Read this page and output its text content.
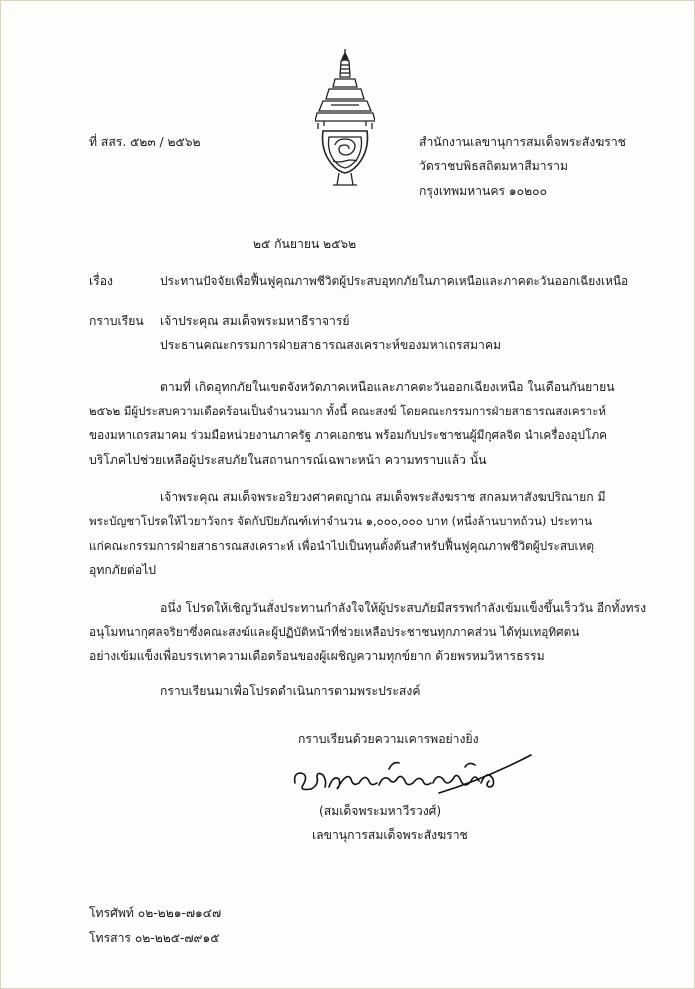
ที่ สสร. ๕๒๓ / ๒๕๖๒	สำนักงานเลขานุการสมเด็จพระสังฆราช
วัดราชบพิธสถิตมหาสีมาราม
กรุงเทพมหานคร ๑๐๒๐๐
๒๕ กันยายน ๒๕๖๒
เรื่อง	ประทานปัจจัยเพื่อฟื้นฟูคุณภาพชีวิตผู้ประสบอุทกภัยในภาคเหนือและภาคตะวันออกเฉียงเหนือ
กราบเรียน เจ้าประคุณ สมเด็จพระมหาธีราจารย์
ประธานคณะกรรมการฝ่ายสาธารณสงเคราะห์ของมหาเถรสมาคม
ตามที่ เกิดอุทกภัยในเขตจังหวัดภาคเหนือและภาคตะวันออกเฉียงเหนือ ในเดือนกันยายน
๒๕๖๒ มีผู้ประสบความเดือดร้อนเป็นจำนวนมาก ทั้งนี้ คณะสงฆ์ โดยคณะกรรมการฝ่ายสาธารณสงเคราะห์
ของมหาเถรสมาคม ร่วมมือหน่วยงานภาครัฐ ภาคเอกชน พร้อมกับประชาชนผู้มีกุศลจิต นำเครื่องอุปโภค
บริโภคไปช่วยเหลือผู้ประสบภัยในสถานการณ์เฉพาะหน้า ความทราบแล้ว นั้น
เจ้าพระคุณ สมเด็จพระอริยวงศาคตญาณ สมเด็จพระสังฆราช สกลมหาสังฆปริณายก มี
พระบัญชาโปรดให้ไวยาวัจกร จัดกัปปิยภัณฑ์เท่าจำนวน ๑,๐๐๐,๐๐๐ บาท (หนึ่งล้านบาทถ้วน) ประทาน
แก่คณะกรรมการฝ่ายสาธารณสงเคราะห์ เพื่อนำไปเป็นทุนตั้งต้นสำหรับฟื้นฟูคุณภาพชีวิตผู้ประสบเหตุ
อุทกภัยต่อไป
อนึ่ง โปรดให้เชิญวันสั่งประทานกำลังใจให้ผู้ประสบภัยมีสรรพกำลังเข้มแข็งขึ้นเร็ววัน อีกทั้งทรง
อนุโมทนากุศลจริยาซึ่งคณะสงฆ์และผู้ปฏิบัติหน้าที่ช่วยเหลือประชาชนทุกภาคส่วน ได้ทุ่มเทอุทิศตน
อย่างเข้มแข็งเพื่อบรรเทาความเดือดร้อนของผู้เผชิญความทุกข์ยาก ด้วยพรหมวิหารธรรม
กราบเรียนมาเพื่อโปรดดำเนินการตามพระประสงค์
กราบเรียนด้วยความเคารพอย่างยิ่ง
(สมเด็จพระมหาวีรวงศ์)
เลขานุการสมเด็จพระสังฆราช
โทรศัพท์ ๐๒-๒๒๑-๗๑๔๗
โทรสาร ๐๒-๒๒๕-๗๙๑๕
